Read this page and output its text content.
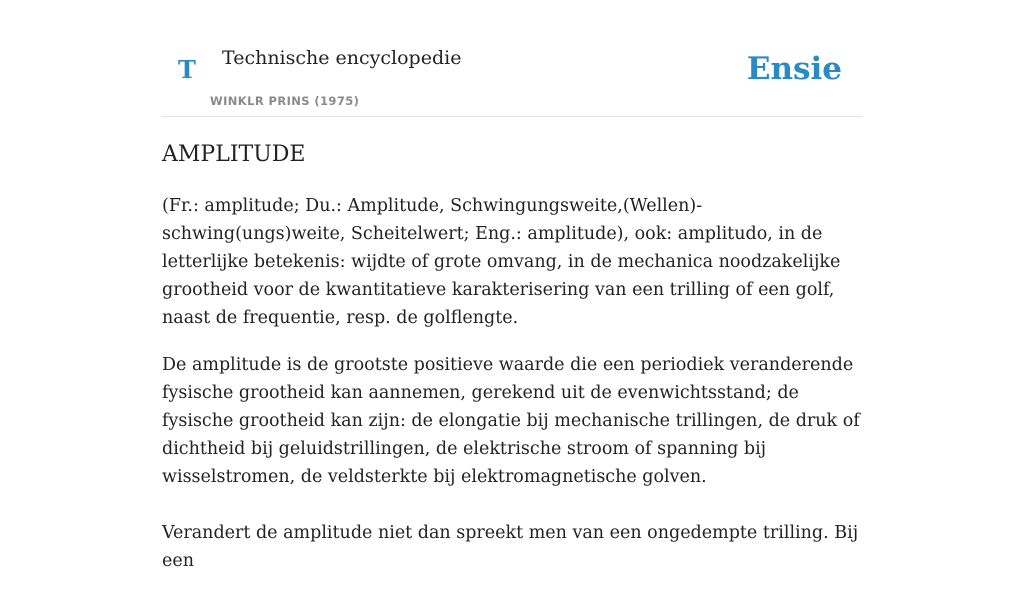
T Technische encyclopedie
WINKLR PRINS (1975)
Ensie
AMPLITUDE

(Fr.: amplitude; Du.: Amplitude, Schwingungsweite,(Wellen)-schwing(ungs)weite, Scheitelwert; Eng.: amplitude), ook: amplitudo, in de letterlijke betekenis: wijdte of grote omvang, in de mechanica noodzakelijke grootheid voor de kwantitatieve karakterisering van een trilling of een golf, naast de frequentie, resp. de golflengte.

De amplitude is de grootste positieve waarde die een periodiek veranderende fysische grootheid kan aannemen, gerekend uit de evenwichtsstand; de fysische grootheid kan zijn: de elongatie bij mechanische trillingen, de druk of dichtheid bij geluidstrillingen, de elektrische stroom of spanning bij wisselstromen, de veldsterkte bij elektromagnetische golven.

Verandert de amplitude niet dan spreekt men van een ongedempte trilling. Bij een
